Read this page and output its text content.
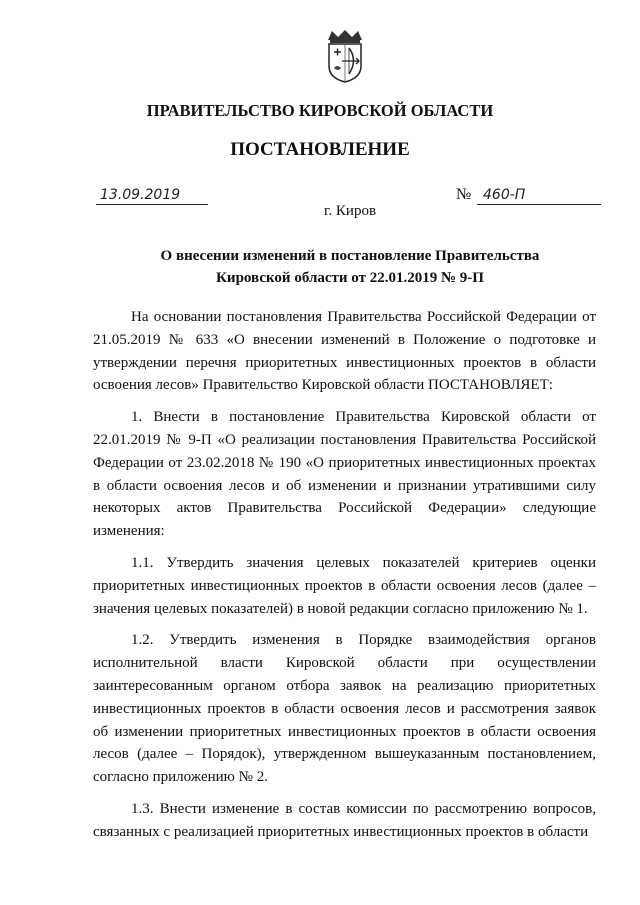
ПРАВИТЕЛЬСТВО КИРОВСКОЙ ОБЛАСТИ
ПОСТАНОВЛЕНИЕ
13.09.2019	№ 460-П
г. Киров
О внесении изменений в постановление Правительства
Кировской области от 22.01.2019 № 9-П

На основании постановления Правительства Российской Федерации от 21.05.2019 № 633 «О внесении изменений в Положение о подготовке и утверждении перечня приоритетных инвестиционных проектов в области освоения лесов» Правительство Кировской области ПОСТАНОВЛЯЕТ:

1. Внести в постановление Правительства Кировской области от 22.01.2019 № 9-П «О реализации постановления Правительства Российской Федерации от 23.02.2018 № 190 «О приоритетных инвестиционных проектах в области освоения лесов и об изменении и признании утратившими силу некоторых актов Правительства Российской Федерации» следующие изменения:

1.1. Утвердить значения целевых показателей критериев оценки приоритетных инвестиционных проектов в области освоения лесов (далее – значения целевых показателей) в новой редакции согласно приложению № 1.

1.2. Утвердить изменения в Порядке взаимодействия органов исполнительной власти Кировской области при осуществлении заинтересованным органом отбора заявок на реализацию приоритетных инвестиционных проектов в области освоения лесов и рассмотрения заявок об изменении приоритетных инвестиционных проектов в области освоения лесов (далее – Порядок), утвержденном вышеуказанным постановлением, согласно приложению № 2.

1.3. Внести изменение в состав комиссии по рассмотрению вопросов, связанных с реализацией приоритетных инвестиционных проектов в области
